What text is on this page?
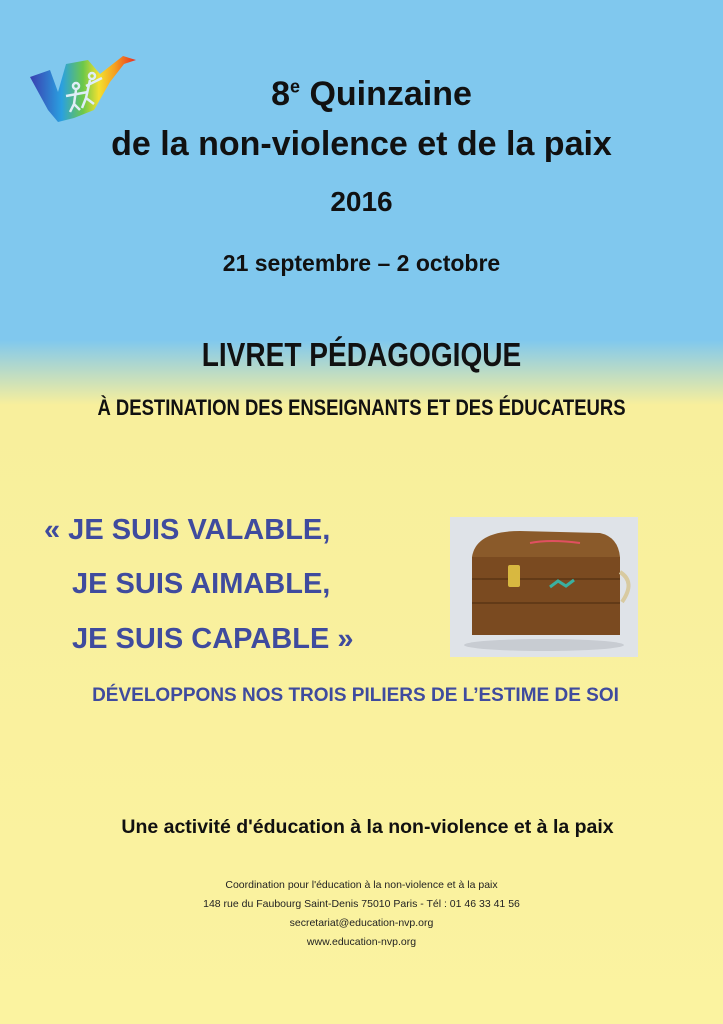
8e Quinzaine
de la non-violence et de la paix
2016
21 septembre – 2 octobre
LIVRET PÉDAGOGIQUE
À DESTINATION DES ENSEIGNANTS ET DES ÉDUCATEURS
« JE SUIS VALABLE,
JE SUIS AIMABLE,
JE SUIS CAPABLE »
DÉVELOPPONS NOS TROIS PILIERS DE L’ESTIME DE SOI
Une activité d'éducation à la non-violence et à la paix
Coordination pour l'éducation à la non-violence et à la paix
148 rue du Faubourg Saint-Denis 75010 Paris - Tél : 01 46 33 41 56
secretariat@education-nvp.org
www.education-nvp.org
